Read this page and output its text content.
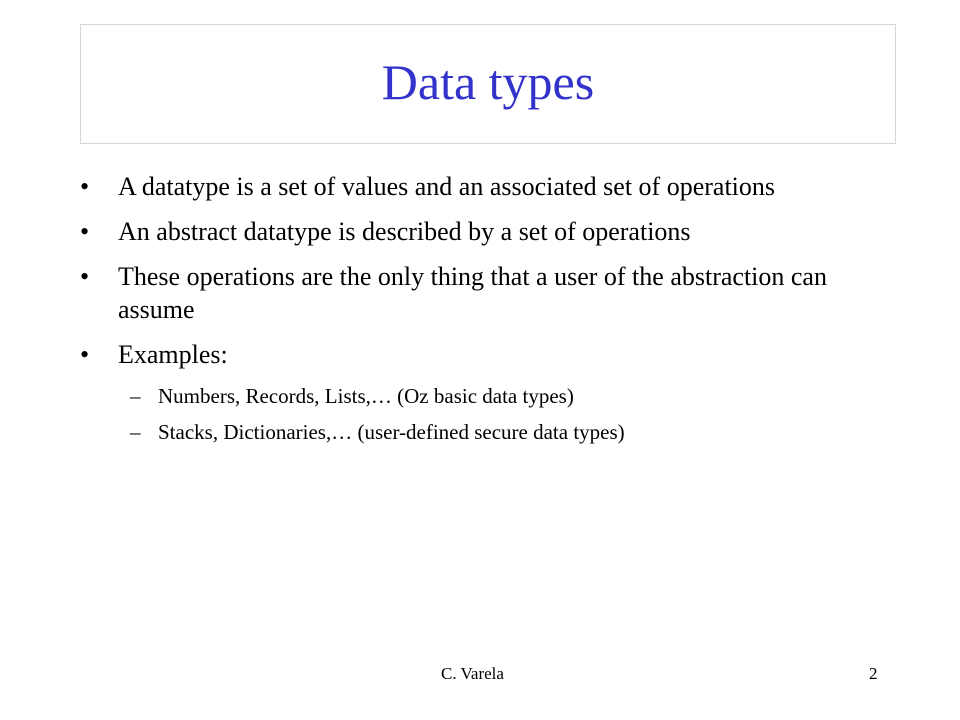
Data types
•	A datatype is a set of values and an associated set of operations
•	An abstract datatype is described by a set of operations
•	These operations are the only thing that a user of the abstraction can assume
•	Examples:
– Numbers, Records, Lists,… (Oz basic data types)
– Stacks, Dictionaries,… (user-defined secure data types)
C. Varela	2
